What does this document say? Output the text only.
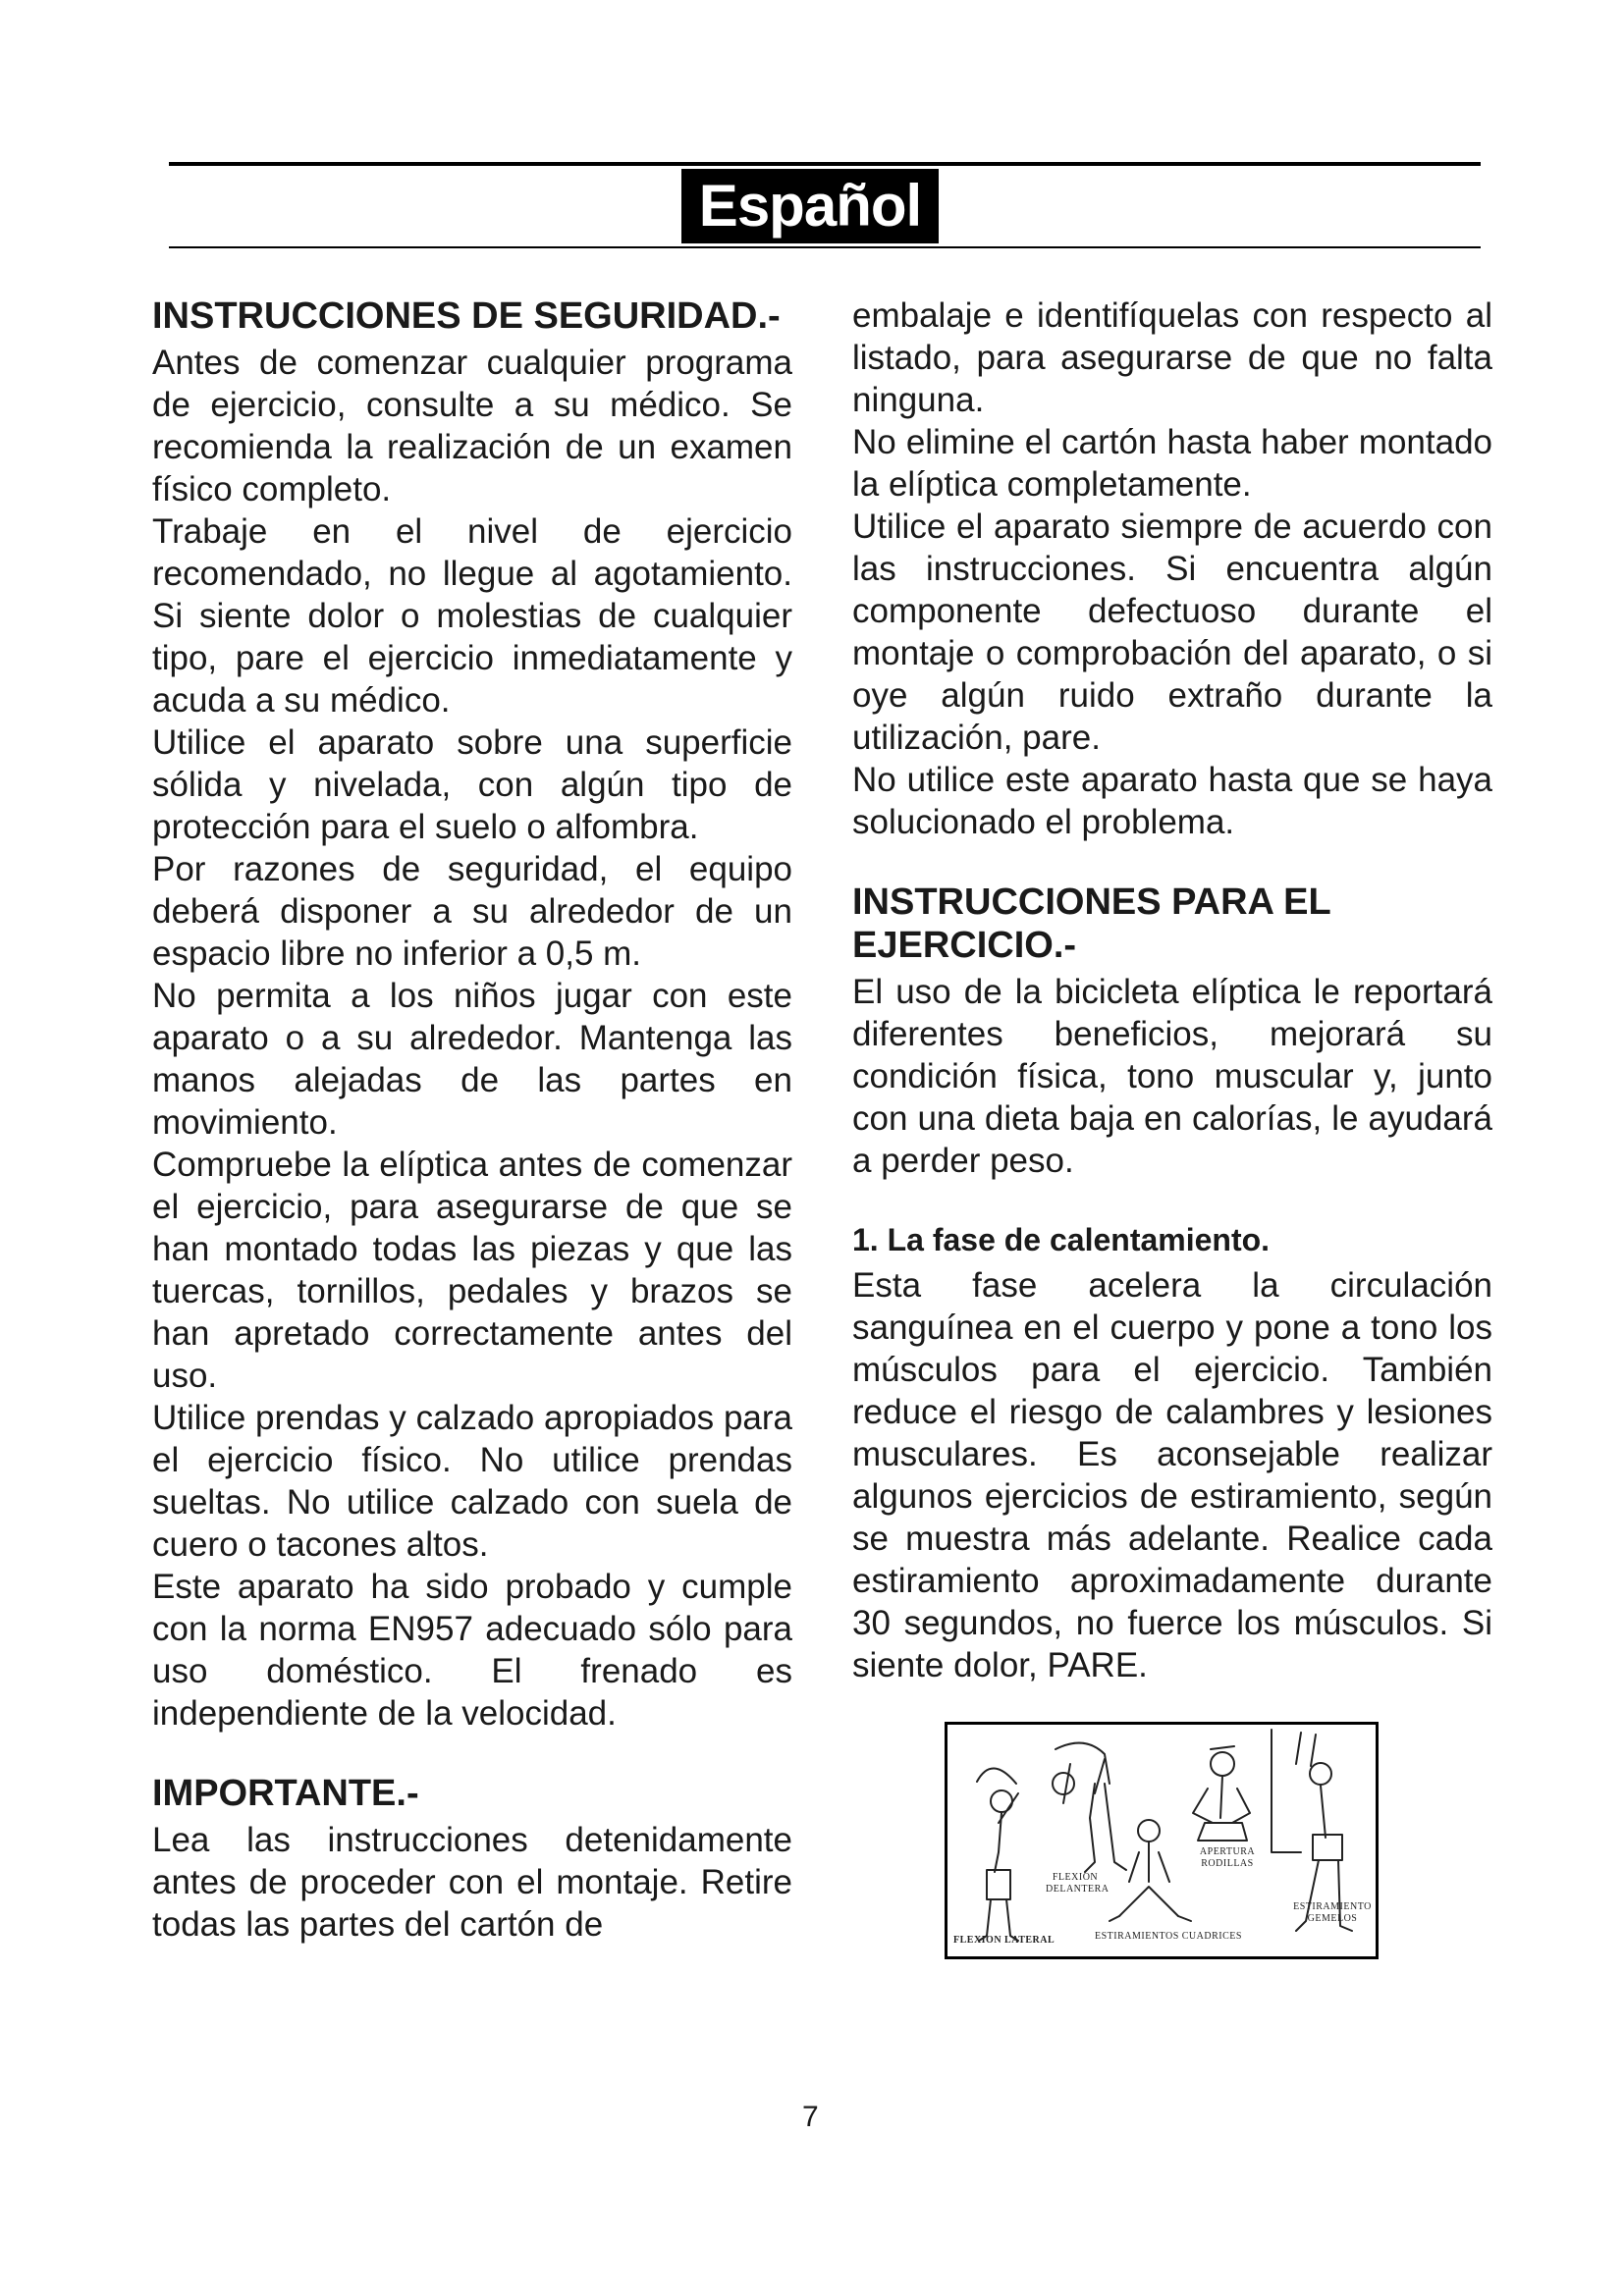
Español
INSTRUCCIONES DE SEGURIDAD.-

Antes de comenzar cualquier programa de ejercicio, consulte a su médico. Se recomienda la realización de un examen físico completo.

Trabaje en el nivel de ejercicio recomendado, no llegue al agotamiento. Si siente dolor o molestias de cualquier tipo, pare el ejercicio inmediatamente y acuda a su médico.

Utilice el aparato sobre una superficie sólida y nivelada, con algún tipo de protección para el suelo o alfombra.

Por razones de seguridad, el equipo deberá disponer a su alrededor de un espacio libre no inferior a 0,5 m.

No permita a los niños jugar con este aparato o a su alrededor. Mantenga las manos alejadas de las partes en movimiento.

Compruebe la elíptica antes de comenzar el ejercicio, para asegurarse de que se han montado todas las piezas y que las tuercas, tornillos, pedales y brazos se han apretado correctamente antes del uso.

Utilice prendas y calzado apropiados para el ejercicio físico. No utilice prendas sueltas. No utilice calzado con suela de cuero o tacones altos.

Este aparato ha sido probado y cumple con la norma EN957 adecuado sólo para uso doméstico. El frenado es independiente de la velocidad.

IMPORTANTE.-

Lea las instrucciones detenidamente antes de proceder con el montaje. Retire todas las partes del cartón de

embalaje e identifíquelas con respecto al listado, para asegurarse de que no falta ninguna.

No elimine el cartón hasta haber montado la elíptica completamente.

Utilice el aparato siempre de acuerdo con las instrucciones. Si encuentra algún componente defectuoso durante el montaje o comprobación del aparato, o si oye algún ruido extraño durante la utilización, pare.

No utilice este aparato hasta que se haya solucionado el problema.

INSTRUCCIONES PARA EL EJERCICIO.-

El uso de la bicicleta elíptica le reportará diferentes beneficios, mejorará su condición física, tono muscular y, junto con una dieta baja en calorías, le ayudará a perder peso.

1. La fase de calentamiento.

Esta fase acelera la circulación sanguínea en el cuerpo y pone a tono los músculos para el ejercicio. También reduce el riesgo de calambres y lesiones musculares. Es aconsejable realizar algunos ejercicios de estiramiento, según se muestra más adelante. Realice cada estiramiento aproximadamente durante 30 segundos, no fuerce los músculos. Si siente dolor, PARE.

FLEXION LATERAL
FLEXION DELANTERA
ESTIRAMIENTOS CUADRICES
APERTURA RODILLAS
ESTIRAMIENTO GEMELOS
7
